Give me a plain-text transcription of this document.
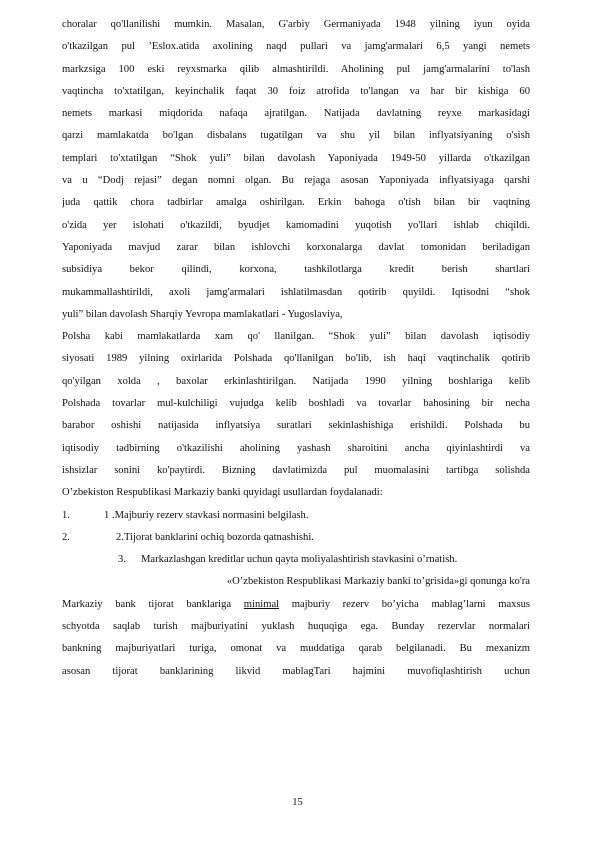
choralar qo'llanilishi mumkin. Masalan, G'arbiy Germaniyada 1948 yilning iyun oyida
o'tkazilgan pul ’Eslox.atida axolining naqd pullari va jamg'armalari 6,5 yangi nemets
markzsiga 100 eski reyxsmarka qilib almashtirildi. Aholining pul jamg'armalarini to'lash
vaqtincha to'xtatilgan, keyinchalik faqat 30 foiz atrofida to'langan va har bir kishiga 60
nemets markasi miqdorida nafaqa ajratilgan. Natijada davlatning reyxe markasidagi
qarzi mamlakatda bo'lgan disbalans tugatilgan va shu yil bilan inflyatsiyaning o'sish
templari to'xtatilgan “Shok yuli” bilan davolash Yaponiyada 1949-50 yillarda o'tkazilgan
va u “Dodj rejasi” degan nomni olgan. Bu rejaga asosan Yaponiyada inflyatsiyaga qarshi
juda qattik chora tadbirlar amalga oshirilgan. Erkin bahoga o'tish bilan bir vaqtning
o'zida yer islohati o'tkazildi, byudjet kamomadini yuqotish yo'llari ishlab chiqildi.
Yaponiyada mavjud zarar bilan ishlovchi korxonalarga davlat tomonidan beriladigan
subsidiya bekor qilindi, korxona, tashkilotlarga kredit berish shartlari
mukammallashtirildi, axoli jamg'armalari ishlatilmasdan qotirib quyildi. Iqtisodni “shok
yuli” bilan davolash Sharqiy Yevropa mamlakatlari - Yugoslaviya,
Polsha kabi mamlakatlarda xam qo' llanilgan. “Shok yuli” bilan davolash iqtisodiy
siyosati 1989 yilning oxirlarida Polshada qo'llanilgan bo'lib, ish haqi vaqtinchalik qotirib
qo'yilgan xolda , baxolar erkinlashtirilgan. Natijada 1990 yilning boshlariga kelib
Polshada tovarlar mul-kulchiligi vujudga kelib boshladi va tovarlar bahosining bir necha
barabor oshishi natijasida inflyatsiya suratlari sekinlashishiga erishildi. Polshada bu
iqtisodiy tadbirning o'tkazilishi aholining yashash sharoitini ancha qiyinlashtirdi va
ishsizlar sonini ko'paytirdi. Bizning davlatimizda pul muomalasini tartibga solishda
O’zbekiston Respublikasi Markaziy banki quyidagi usullardan foydalanadi:
1.	1 .Majburiy rezerv stavkasi normasini belgilash.
2.	2.Tijorat banklarini ochiq bozorda qatnashishi.
3. Markazlashgan kreditlar uchun qayta moliyalashtirish stavkasini o’rnatish.
«O’zbekiston Respublikasi Markaziy banki to’grisida»gi qonunga ko'ra
Markaziy bank tijorat banklariga minimal majburiy rezerv bo’yicha mablag’larni maxsus
schyotda saqlab turish majburiyatini yuklash huquqiga ega. Bunday rezervlar normalari
bankning majburiyatlari turiga, omonat va muddatiga qarab belgilanadi. Bu mexanizm
asosan tijorat banklarining likvid mablagTari hajmini muvofiqlashtirish uchun
15
